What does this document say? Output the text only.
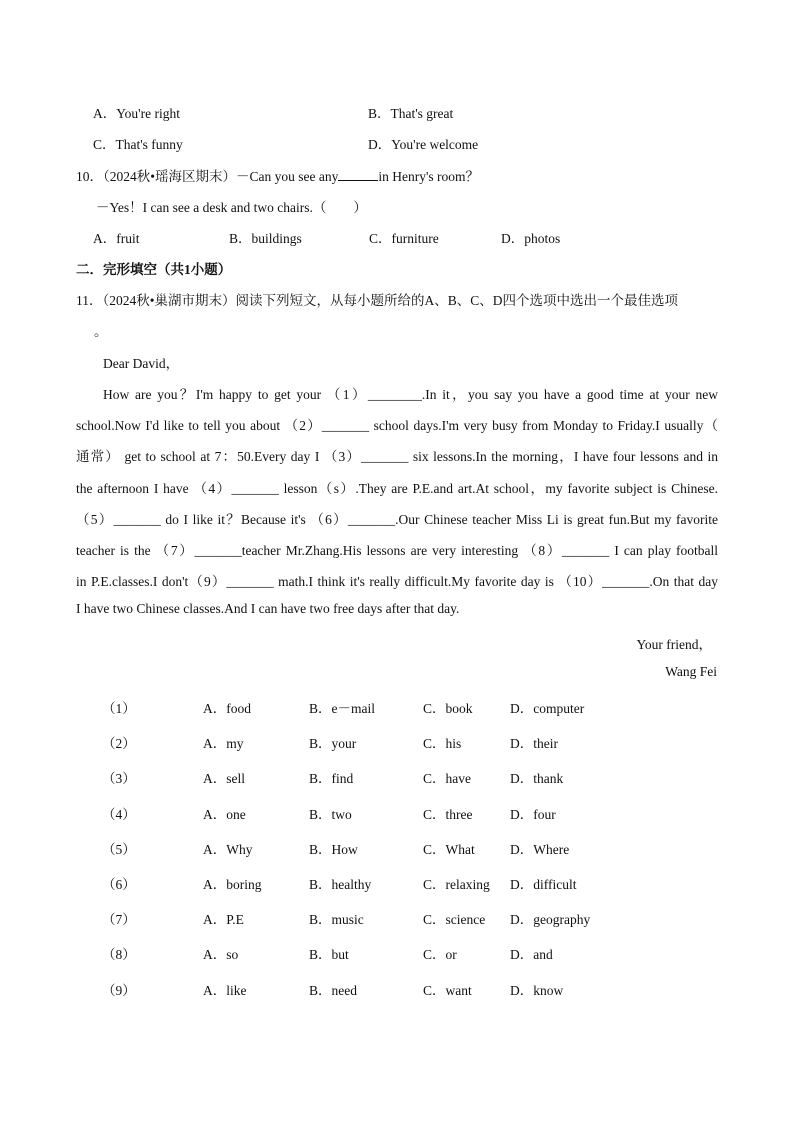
A．You're right	B．That's great
C．That's funny	D．You're welcome
10．（2024秋•瑶海区期末）－Can you see any	in Henry's room？
－Yes！I can see a desk and two chairs.（　　）
A．fruit	B．buildings	C．furniture	D．photos
二．完形填空（共1小题）
11．（2024秋•巢湖市期末）阅读下列短文，从每小题所给的A、B、C、D四个选项中选出一个最佳选项
。
Dear David，
How are you？I'm happy to get your （1）________.In it，you say you have a good time at your new
school.Now I'd like to tell you about （2）_______ school days.I'm very busy from Monday to Friday.I usually（
通常） get to school at 7：50.Every day I （3）_______ six lessons.In the morning，I have four lessons and in
the afternoon I have （4）_______ lesson（s）.They are P.E.and art.At school，my favorite subject is Chinese.
（5）_______ do I like it？Because it's （6）_______.Our Chinese teacher Miss Li is great fun.But my favorite
teacher is the （7）_______teacher Mr.Zhang.His lessons are very interesting （8）_______ I can play football
in P.E.classes.I don't（9）_______ math.I think it's really difficult.My favorite day is （10）_______.On that day
I have two Chinese classes.And I can have two free days after that day.
Your friend，
Wang Fei
（1）	A．food	B．e－mail	C．book	D．computer
（2）	A．my	B．your	C．his	D．their
（3）	A．sell	B．find	C．have	D．thank
（4）	A．one	B．two	C．three	D．four
（5）	A．Why	B．How	C．What	D．Where
（6）	A．boring	B．healthy	C．relaxing D．difficult
（7）	A．P.E	B．music	C．science D．geography
（8）	A．so	B．but	C．or	D．and
（9）	A．like	B．need	C．want	D．know
